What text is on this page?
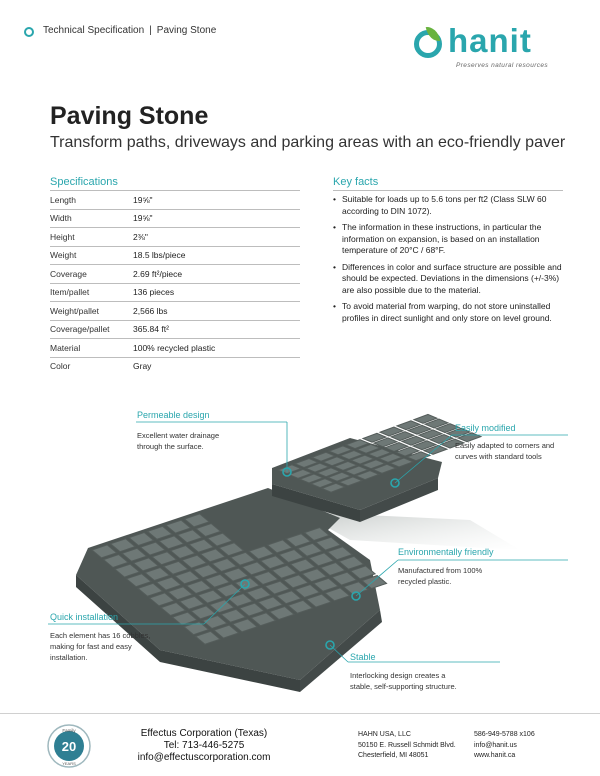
Technical Specification | Paving Stone	hanit
Preserves natural resources
Paving Stone
Transform paths, driveways and parking areas with an eco-friendly paver
Specifications
Length	19⅝"
Width	19⅝"
Height	2⅜"
Weight	18.5 lbs/piece
Coverage	2.69 ft²/piece
Item/pallet	136 pieces
Weight/pallet	2,566 lbs
Coverage/pallet	365.84 ft²
Material	100% recycled plastic
Color	Gray
Key facts
• Suitable for loads up to 5.6 tons per ft2 (Class SLW 60 according to DIN 1072).
• The information in these instructions, in particular the information on expansion, is based on an installation temperature of 20°C / 68°F.
• Differences in color and surface structure are possible and should be expected. Deviations in the dimensions (+/-3%) are also possible due to the material.
• To avoid material from warping, do not store uninstalled profiles in direct sunlight and only store on level ground.
Permeable design
Excellent water drainage
through the surface.
Easily modified
Easily adapted to corners and
curves with standard tools
Environmentally friendly
Manufactured from 100%
recycled plastic.
Quick installation
Each element has 16 cobbles,
making for fast and easy
installation.	Stable
Interlocking design creates a
stable, self-supporting structure.
Family
20
YEARS
Effectus Corporation (Texas)
Tel: 713-446-5275
info@effectuscorporation.com
HAHN USA, LLC
50150 E. Russell Schmidt Blvd.
Chesterfield, MI 48051
586-949-5788 x106
info@hanit.us
www.hanit.ca
